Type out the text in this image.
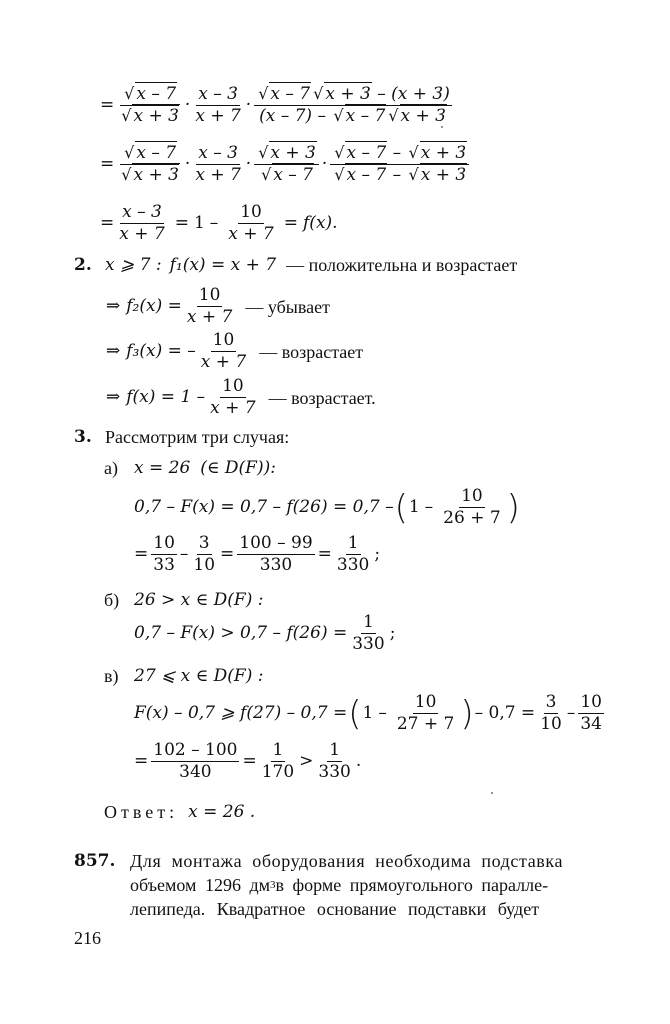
= $\frac{√ x - 7}{√ x + 3}$ ·
x – 3
x + 7
·
√ x – 7 √ x + 3 – (x + 3)
(x – 7) – √ x – 7 √ x + 3
= $\frac{√ x - 7}{√ x + 3}$ ·
x – 3
x + 7
·
√ x + 3
√ x – 7
·
√ x – 7 – √ x + 3
√ x – 7 – √ x + 3
= $\frac{x - 3}{x + 7} = 1 - \frac{10}{x + 7} = f(x)$ .
2. x ⩾ 7 : f₁(x) = x + 7 — положительна и возрастает
⇒ $f_2(x) = \frac{10}{x + 7}$ — убывает
⇒ f₃(x) = –
10
x + 7
— возрастает
⇒ f(x) = 1 –
10
x + 7
— возрастает.
3. Рассмотрим три случая:
а) x = 26 (∈ D(F)):
0,7 – F(x) = 0,7 – f(26) = 0,7 – ( 1 –
10
26 + 7 )
= $\frac{10}{33} - \frac{3}{10} = \frac{100 - 99}{330} = \frac{1}{330}$ ;
б) 26 > x ∈ D(F) :
$0,7 - F(x) > 0,7 - f(26) = \frac{1}{330}$ ;
в) 27 ⩽ x ∈ D(F) :
F(x) – 0,7 ⩾ f(27) – 0,7 = ( 1 –
10
27 + 7 ) – $0,7 = \frac{3}{10}$ –
10
34
= $\frac{102 - 100}{340} = \frac{1}{170}$ >
1
330
.
Ответ: x = 26 .
857. Для монтажа оборудования необходима подставка
объемом 1296 дм 3 в форме прямоугольного паралле-
лепипеда. Квадратное основание подставки будет
216
